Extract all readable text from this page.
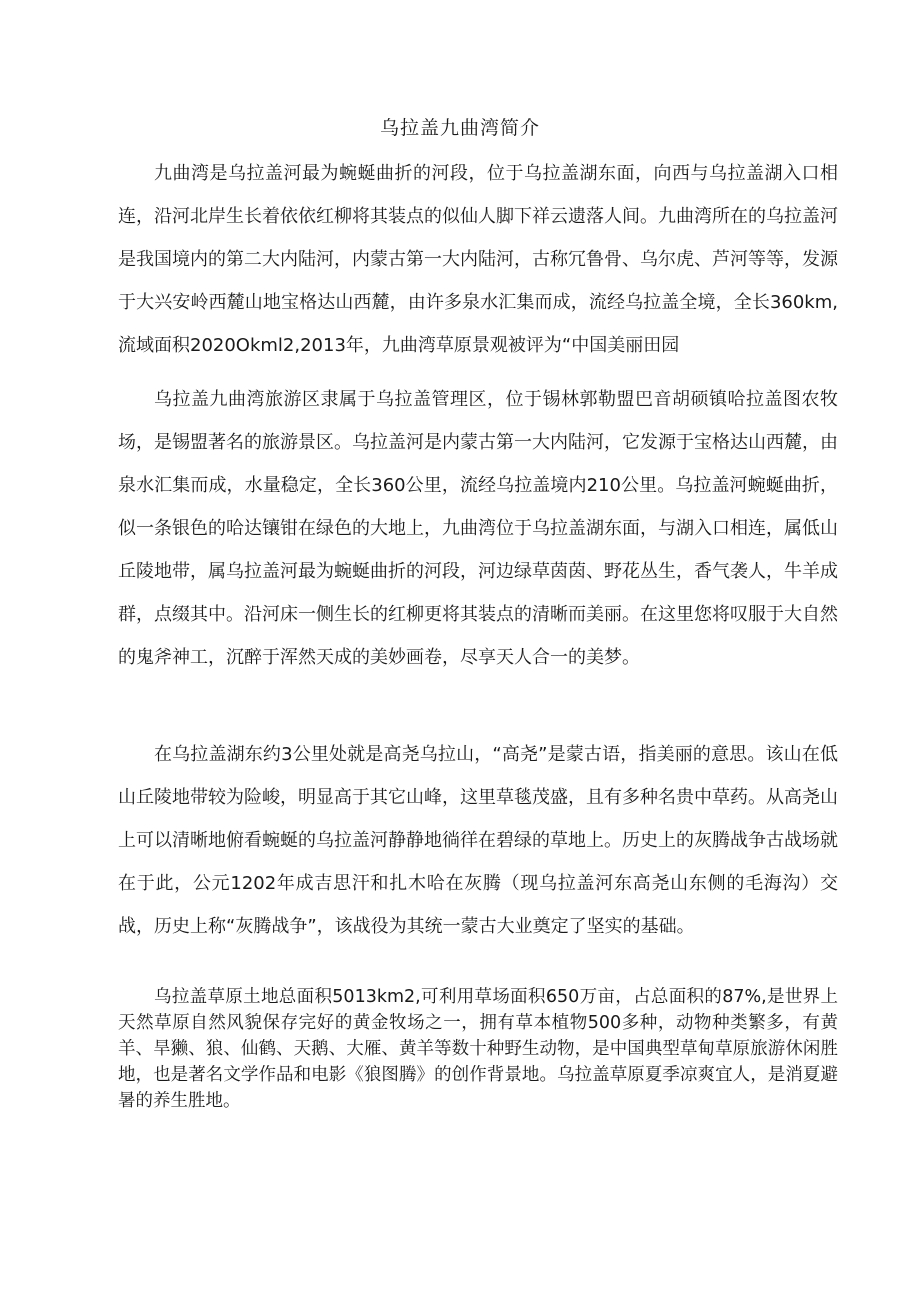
乌拉盖九曲湾简介

九曲湾是乌拉盖河最为蜿蜒曲折的河段，位于乌拉盖湖东面，向西与乌拉盖湖入口相连，沿河北岸生长着依依红柳将其装点的似仙人脚下祥云遗落人间。九曲湾所在的乌拉盖河是我国境内的第二大内陆河，内蒙古第一大内陆河，古称冗鲁骨、乌尔虎、芦河等等，发源于大兴安岭西麓山地宝格达山西麓，由许多泉水汇集而成，流经乌拉盖全境，全长360km,流域面积2020Okml2,2013年，九曲湾草原景观被评为“中国美丽田园

乌拉盖九曲湾旅游区隶属于乌拉盖管理区，位于锡林郭勒盟巴音胡硕镇哈拉盖图农牧场，是锡盟著名的旅游景区。乌拉盖河是内蒙古第一大内陆河，它发源于宝格达山西麓，由泉水汇集而成，水量稳定，全长360公里，流经乌拉盖境内210公里。乌拉盖河蜿蜒曲折，似一条银色的哈达镶钳在绿色的大地上，九曲湾位于乌拉盖湖东面，与湖入口相连，属低山丘陵地带，属乌拉盖河最为蜿蜒曲折的河段，河边绿草茵茵、野花丛生，香气袭人，牛羊成群，点缀其中。沿河床一侧生长的红柳更将其装点的清晰而美丽。在这里您将叹服于大自然的鬼斧神工，沉醉于浑然天成的美妙画卷，尽享天人合一的美梦。

在乌拉盖湖东约3公里处就是高尧乌拉山，“高尧”是蒙古语，指美丽的意思。该山在低山丘陵地带较为险峻，明显高于其它山峰，这里草毯茂盛，且有多种名贵中草药。从高尧山上可以清晰地俯看蜿蜒的乌拉盖河静静地徜徉在碧绿的草地上。历史上的灰腾战争古战场就在于此，公元1202年成吉思汗和扎木哈在灰腾（现乌拉盖河东高尧山东侧的毛海沟）交战，历史上称“灰腾战争”，该战役为其统一蒙古大业奠定了坚实的基础。

乌拉盖草原土地总面积5013km2,可利用草场面积650万亩，占总面积的87%,是世界上天然草原自然风貌保存完好的黄金牧场之一，拥有草本植物500多种，动物种类繁多，有黄羊、旱獭、狼、仙鹤、天鹅、大雁、黄羊等数十种野生动物，是中国典型草甸草原旅游休闲胜地，也是著名文学作品和电影《狼图腾》的创作背景地。乌拉盖草原夏季凉爽宜人，是消夏避暑的养生胜地。
